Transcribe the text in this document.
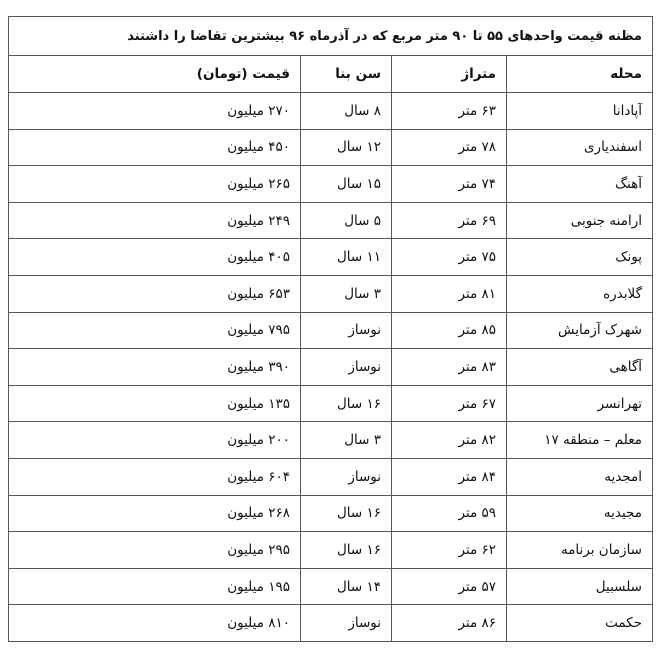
مظنه قیمت واحدهای ۵۵ تا ۹۰ متر مربع که در آذرماه ۹۶ بیشترین تقاضا را داشتند			
محله	متراژ	سن بنا	قیمت (تومان)
آپادانا	۶۳ متر	۸ سال	۲۷۰ میلیون
اسفندیاری	۷۸ متر	۱۲ سال	۴۵۰ میلیون
آهنگ	۷۴ متر	۱۵ سال	۲۶۵ میلیون
ارامنه جنوبی	۶۹ متر	۵ سال	۲۴۹ میلیون
پونک	۷۵ متر	۱۱ سال	۴۰۵ میلیون
گلابدره	۸۱ متر	۳ سال	۶۵۳ میلیون
شهرک آزمایش	۸۵ متر	نوساز	۷۹۵ میلیون
آگاهی	۸۳ متر	نوساز	۳۹۰ میلیون
تهرانسر	۶۷ متر	۱۶ سال	۱۳۵ میلیون
معلم – منطقه ۱۷	۸۲ متر	۳ سال	۲۰۰ میلیون
امجدیه	۸۴ متر	نوساز	۶۰۴ میلیون
مجیدیه	۵۹ متر	۱۶ سال	۲۶۸ میلیون
سازمان برنامه	۶۲ متر	۱۶ سال	۲۹۵ میلیون
سلسبیل	۵۷ متر	۱۴ سال	۱۹۵ میلیون
حکمت	۸۶ متر	نوساز	۸۱۰ میلیون
